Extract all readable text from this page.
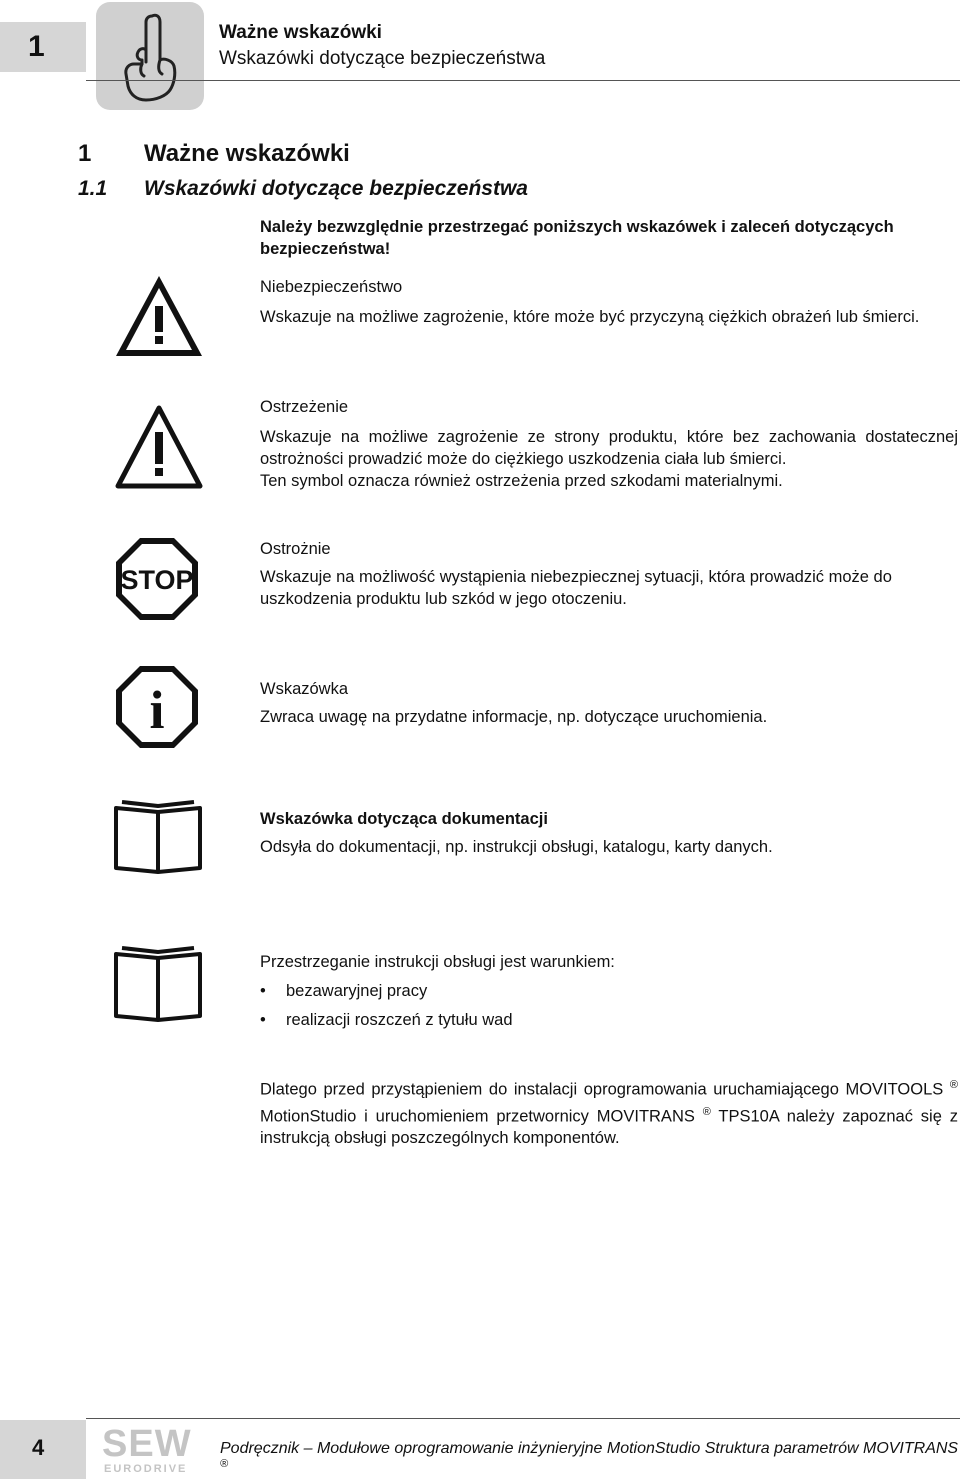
1	Ważne wskazówki
Wskazówki dotyczące bezpieczeństwa
1 Ważne wskazówki
1.1 Wskazówki dotyczące bezpieczeństwa
Należy bezwzględnie przestrzegać poniższych wskazówek i zaleceń dotyczących bezpieczeństwa!
Niebezpieczeństwo
Wskazuje na możliwe zagrożenie, które może być przyczyną ciężkich obrażeń lub śmierci.
Ostrzeżenie
Wskazuje na możliwe zagrożenie ze strony produktu, które bez zachowania dostatecznej ostrożności prowadzić może do ciężkiego uszkodzenia ciała lub śmierci.
Ten symbol oznacza również ostrzeżenia przed szkodami materialnymi.
STOP
Ostrożnie
Wskazuje na możliwość wystąpienia niebezpiecznej sytuacji, która prowadzić może do uszkodzenia produktu lub szkód w jego otoczeniu.
i	Wskazówka
Zwraca uwagę na przydatne informacje, np. dotyczące uruchomienia.
Wskazówka dotycząca dokumentacji
Odsyła do dokumentacji, np. instrukcji obsługi, katalogu, karty danych.
Przestrzeganie instrukcji obsługi jest warunkiem:
• bezawaryjnej pracy
• realizacji roszczeń z tytułu wad
Dlatego przed przystąpieniem do instalacji oprogramowania uruchamiającego MOVITOOLS ® MotionStudio i uruchomieniem przetwornicy MOVITRANS ® TPS10A należy zapoznać się z instrukcją obsługi poszczególnych komponentów.
4	SEW
EURODRIVE
Podręcznik – Modułowe oprogramowanie inżynieryjne MotionStudio Struktura parametrów MOVITRANS ®
